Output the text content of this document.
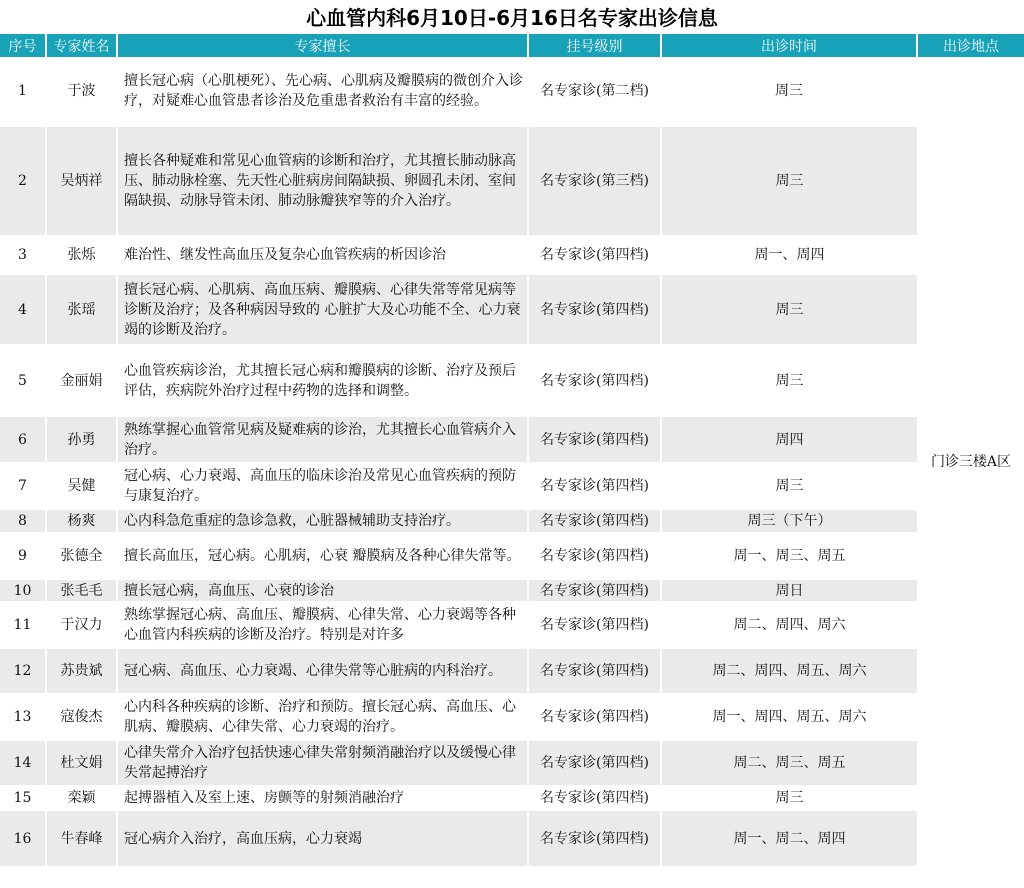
心血管内科6月10日-6月16日名专家出诊信息
序号	专家姓名	专家擅长	挂号级别	出诊时间	出诊地点
1	于波	擅长冠心病（心肌梗死）、先心病、心肌病及瓣膜病的微创介入诊疗，对疑难心血管患者诊治及危重患者救治有丰富的经验。	名专家诊(第二档)	周三	门诊三楼A区
2	吴炳祥	擅长各种疑难和常见心血管病的诊断和治疗，尤其擅长肺动脉高压、肺动脉栓塞、先天性心脏病房间隔缺损、卵圆孔未闭、室间隔缺损、动脉导管未闭、肺动脉瓣狭窄等的介入治疗。	名专家诊(第三档)	周三	
3	张烁	难治性、继发性高血压及复杂心血管疾病的析因诊治	名专家诊(第四档)	周一、周四	
4	张瑶	擅长冠心病、心肌病、高血压病、瓣膜病、心律失常等常见病等诊断及治疗；及各种病因导致的 心脏扩大及心功能不全、心力衰竭的诊断及治疗。	名专家诊(第四档)	周三	
5	金丽娟	心血管疾病诊治，尤其擅长冠心病和瓣膜病的诊断、治疗及预后评估，疾病院外治疗过程中药物的选择和调整。	名专家诊(第四档)	周三	
6	孙勇	熟练掌握心血管常见病及疑难病的诊治，尤其擅长心血管病介入治疗。	名专家诊(第四档)	周四	
7	吴健	冠心病、心力衰竭、高血压的临床诊治及常见心血管疾病的预防与康复治疗。	名专家诊(第四档)	周三	
8	杨爽	心内科急危重症的急诊急救，心脏器械辅助支持治疗。	名专家诊(第四档)	周三（下午）	
9	张德全	擅长高血压，冠心病。心肌病，心衰 瓣膜病及各种心律失常等。	名专家诊(第四档)	周一、周三、周五	
10	张毛毛	擅长冠心病，高血压、心衰的诊治	名专家诊(第四档)	周日	
11	于汉力	熟练掌握冠心病、高血压、瓣膜病、心律失常、心力衰竭等各种心血管内科疾病的诊断及治疗。特别是对许多	名专家诊(第四档)	周二、周四、周六	
12	苏贵斌	冠心病、高血压、心力衰竭、心律失常等心脏病的内科治疗。	名专家诊(第四档)	周二、周四、周五、周六	
13	寇俊杰	心内科各种疾病的诊断、治疗和预防。擅长冠心病、高血压、心肌病、瓣膜病、心律失常、心力衰竭的治疗。	名专家诊(第四档)	周一、周四、周五、周六	
14	杜文娟	心律失常介入治疗包括快速心律失常射频消融治疗以及缓慢心律失常起搏治疗	名专家诊(第四档)	周二、周三、周五	
15	栾颖	起搏器植入及室上速、房颤等的射频消融治疗	名专家诊(第四档)	周三	
16	牛春峰	冠心病介入治疗，高血压病，心力衰竭	名专家诊(第四档)	周一、周二、周四	
